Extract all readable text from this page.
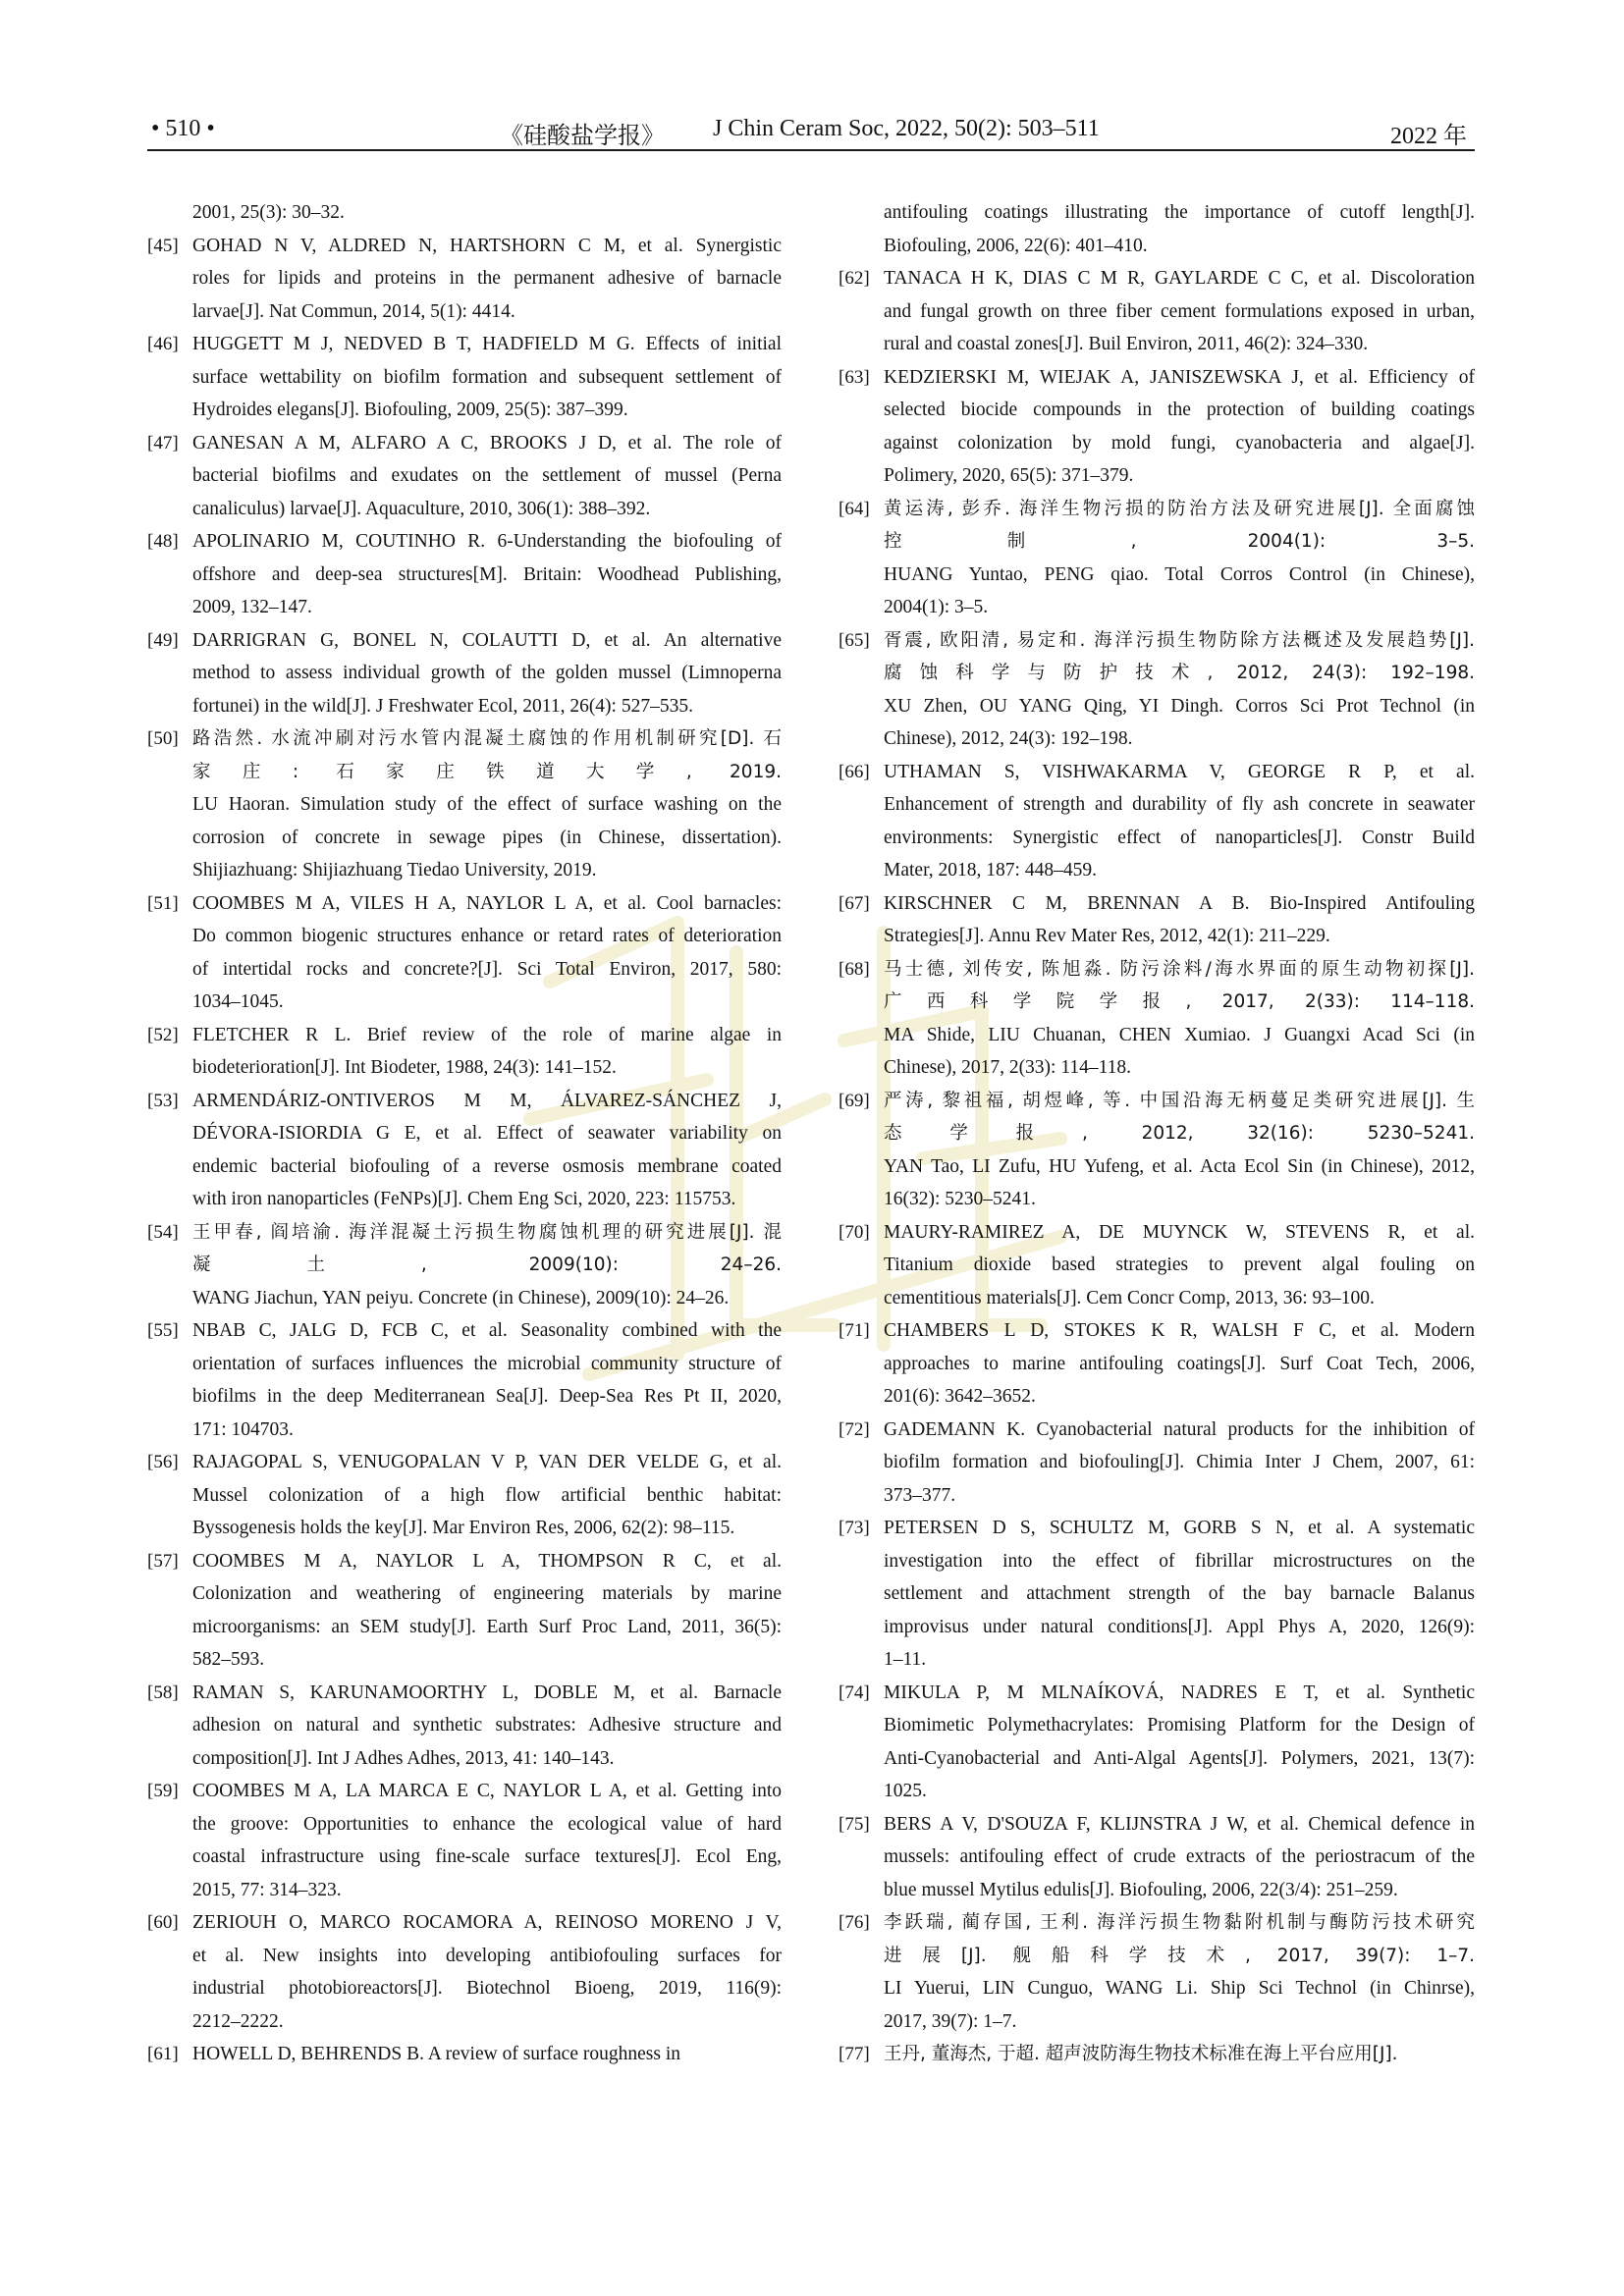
• 510 •	《硅酸盐学报》 J Chin Ceram Soc, 2022, 50(2): 503–511	2022 年
2001, 25(3): 30–32.
[45] GOHAD N V, ALDRED N, HARTSHORN C M, et al. Synergistic
roles for lipids and proteins in the permanent adhesive of barnacle
larvae[J]. Nat Commun, 2014, 5(1): 4414.
[46] HUGGETT M J, NEDVED B T, HADFIELD M G. Effects of initial
surface wettability on biofilm formation and subsequent settlement of
Hydroides elegans[J]. Biofouling, 2009, 25(5): 387–399.
[47] GANESAN A M, ALFARO A C, BROOKS J D, et al. The role of
bacterial biofilms and exudates on the settlement of mussel (Perna
canaliculus) larvae[J]. Aquaculture, 2010, 306(1): 388–392.
[48] APOLINARIO M, COUTINHO R. 6-Understanding the biofouling of
offshore and deep-sea structures[M]. Britain: Woodhead Publishing,
2009, 132–147.
[49] DARRIGRAN G, BONEL N, COLAUTTI D, et al. An alternative
method to assess individual growth of the golden mussel (Limnoperna
fortunei) in the wild[J]. J Freshwater Ecol, 2011, 26(4): 527–535.
[50] 路浩然. 水流冲刷对污水管内混凝土腐蚀的作用机制研究[D]. 石
家庄: 石家庄铁道大学, 2019.
LU Haoran. Simulation study of the effect of surface washing on the
corrosion of concrete in sewage pipes (in Chinese, dissertation).
Shijiazhuang: Shijiazhuang Tiedao University, 2019.
[51] COOMBES M A, VILES H A, NAYLOR L A, et al. Cool barnacles:
Do common biogenic structures enhance or retard rates of deterioration
of intertidal rocks and concrete?[J]. Sci Total Environ, 2017, 580:
1034–1045.
[52] FLETCHER R L. Brief review of the role of marine algae in
biodeterioration[J]. Int Biodeter, 1988, 24(3): 141–152.
[53] ARMENDÁRIZ-ONTIVEROS M M, ÁLVAREZ-SÁNCHEZ J,
DÉVORA-ISIORDIA G E, et al. Effect of seawater variability on
endemic bacterial biofouling of a reverse osmosis membrane coated
with iron nanoparticles (FeNPs)[J]. Chem Eng Sci, 2020, 223: 115753.
[54] 王甲春, 阎培渝. 海洋混凝土污损生物腐蚀机理的研究进展[J]. 混
凝土, 2009(10): 24–26.
WANG Jiachun, YAN peiyu. Concrete (in Chinese), 2009(10): 24–26.
[55] NBAB C, JALG D, FCB C, et al. Seasonality combined with the
orientation of surfaces influences the microbial community structure of
biofilms in the deep Mediterranean Sea[J]. Deep-Sea Res Pt II, 2020,
171: 104703.
[56] RAJAGOPAL S, VENUGOPALAN V P, VAN DER VELDE G, et al.
Mussel colonization of a high flow artificial benthic habitat:
Byssogenesis holds the key[J]. Mar Environ Res, 2006, 62(2): 98–115.
[57] COOMBES M A, NAYLOR L A, THOMPSON R C, et al.
Colonization and weathering of engineering materials by marine
microorganisms: an SEM study[J]. Earth Surf Proc Land, 2011, 36(5):
582–593.
[58] RAMAN S, KARUNAMOORTHY L, DOBLE M, et al. Barnacle
adhesion on natural and synthetic substrates: Adhesive structure and
composition[J]. Int J Adhes Adhes, 2013, 41: 140–143.
[59] COOMBES M A, LA MARCA E C, NAYLOR L A, et al. Getting into
the groove: Opportunities to enhance the ecological value of hard
coastal infrastructure using fine-scale surface textures[J]. Ecol Eng,
2015, 77: 314–323.
[60] ZERIOUH O, MARCO ROCAMORA A, REINOSO MORENO J V,
et al. New insights into developing antibiofouling surfaces for
industrial photobioreactors[J]. Biotechnol Bioeng, 2019, 116(9):
2212–2222.
[61] HOWELL D, BEHRENDS B. A review of surface roughness in
antifouling coatings illustrating the importance of cutoff length[J].
Biofouling, 2006, 22(6): 401–410.
[62] TANACA H K, DIAS C M R, GAYLARDE C C, et al. Discoloration
and fungal growth on three fiber cement formulations exposed in urban,
rural and coastal zones[J]. Buil Environ, 2011, 46(2): 324–330.
[63] KEDZIERSKI M, WIEJAK A, JANISZEWSKA J, et al. Efficiency of
selected biocide compounds in the protection of building coatings
against colonization by mold fungi, cyanobacteria and algae[J].
Polimery, 2020, 65(5): 371–379.
[64] 黄运涛, 彭乔. 海洋生物污损的防治方法及研究进展[J]. 全面腐蚀
控制, 2004(1): 3–5.
HUANG Yuntao, PENG qiao. Total Corros Control (in Chinese),
2004(1): 3–5.
[65] 胥震, 欧阳清, 易定和. 海洋污损生物防除方法概述及发展趋势[J].
腐蚀科学与防护技术, 2012, 24(3): 192–198.
XU Zhen, OU YANG Qing, YI Dingh. Corros Sci Prot Technol (in
Chinese), 2012, 24(3): 192–198.
[66] UTHAMAN S, VISHWAKARMA V, GEORGE R P, et al.
Enhancement of strength and durability of fly ash concrete in seawater
environments: Synergistic effect of nanoparticles[J]. Constr Build
Mater, 2018, 187: 448–459.
[67] KIRSCHNER C M, BRENNAN A B. Bio-Inspired Antifouling
Strategies[J]. Annu Rev Mater Res, 2012, 42(1): 211–229.
[68] 马士德, 刘传安, 陈旭淼. 防污涂料/海水界面的原生动物初探[J].
广西科学院学报, 2017, 2(33): 114–118.
MA Shide, LIU Chuanan, CHEN Xumiao. J Guangxi Acad Sci (in
Chinese), 2017, 2(33): 114–118.
[69] 严涛, 黎祖福, 胡煜峰, 等. 中国沿海无柄蔓足类研究进展[J]. 生
态学报, 2012, 32(16): 5230–5241.
YAN Tao, LI Zufu, HU Yufeng, et al. Acta Ecol Sin (in Chinese), 2012,
16(32): 5230–5241.
[70] MAURY-RAMIREZ A, DE MUYNCK W, STEVENS R, et al.
Titanium dioxide based strategies to prevent algal fouling on
cementitious materials[J]. Cem Concr Comp, 2013, 36: 93–100.
[71] CHAMBERS L D, STOKES K R, WALSH F C, et al. Modern
approaches to marine antifouling coatings[J]. Surf Coat Tech, 2006,
201(6): 3642–3652.
[72] GADEMANN K. Cyanobacterial natural products for the inhibition of
biofilm formation and biofouling[J]. Chimia Inter J Chem, 2007, 61:
373–377.
[73] PETERSEN D S, SCHULTZ M, GORB S N, et al. A systematic
investigation into the effect of fibrillar microstructures on the
settlement and attachment strength of the bay barnacle Balanus
improvisus under natural conditions[J]. Appl Phys A, 2020, 126(9):
1–11.
[74] MIKULA P, M MLNAÍKOVÁ, NADRES E T, et al. Synthetic
Biomimetic Polymethacrylates: Promising Platform for the Design of
Anti-Cyanobacterial and Anti-Algal Agents[J]. Polymers, 2021, 13(7):
1025.
[75] BERS A V, D'SOUZA F, KLIJNSTRA J W, et al. Chemical defence in
mussels: antifouling effect of crude extracts of the periostracum of the
blue mussel Mytilus edulis[J]. Biofouling, 2006, 22(3/4): 251–259.
[76] 李跃瑞, 蔺存国, 王利. 海洋污损生物黏附机制与酶防污技术研究
进展[J]. 舰船科学技术, 2017, 39(7): 1–7.
LI Yuerui, LIN Cunguo, WANG Li. Ship Sci Technol (in Chinrse),
2017, 39(7): 1–7.
[77] 王丹, 董海杰, 于超. 超声波防海生物技术标准在海上平台应用[J].
